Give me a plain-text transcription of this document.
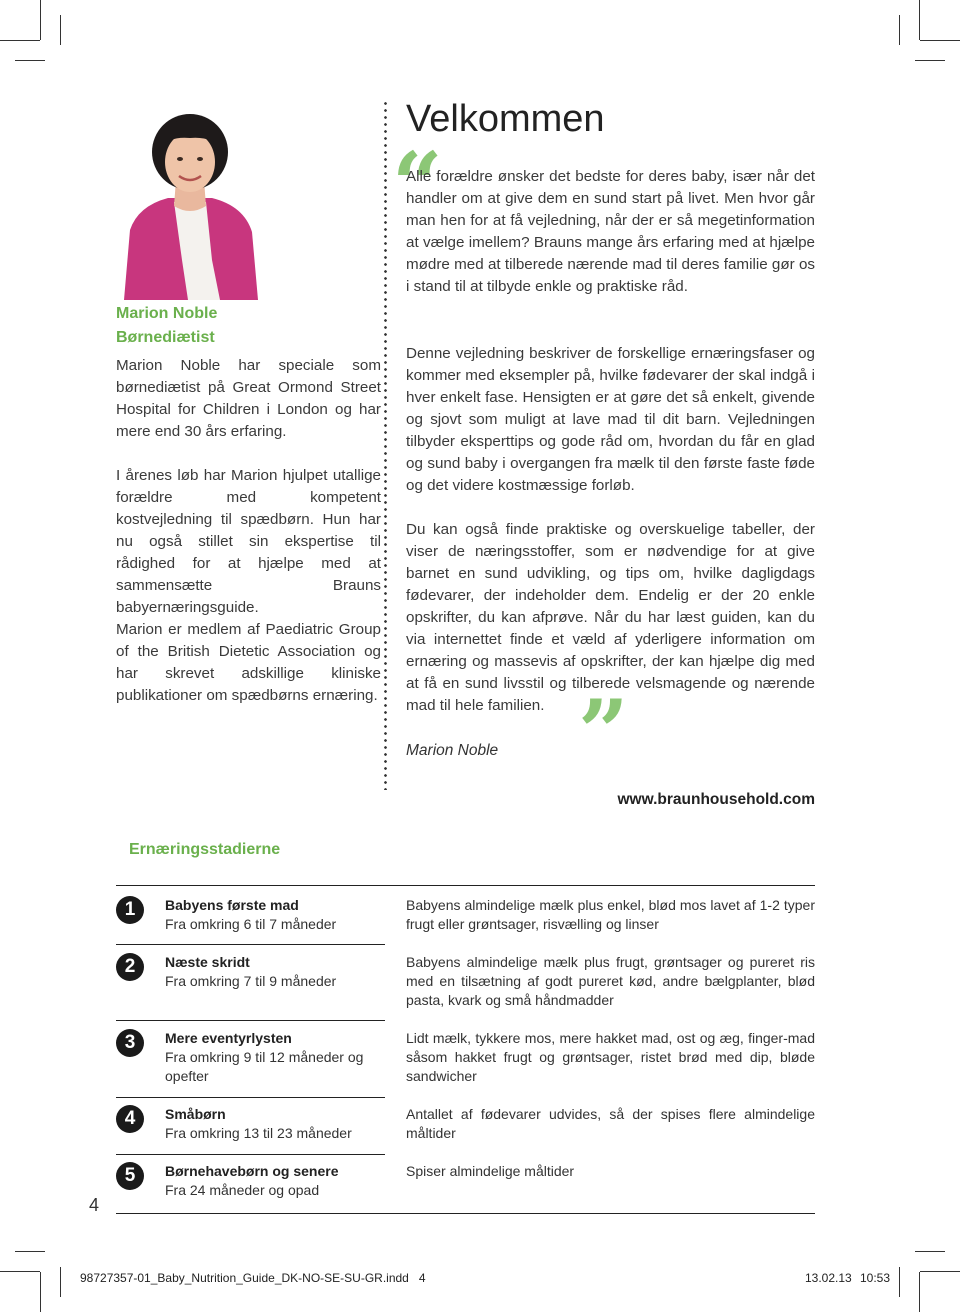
Marion Noble
Børnediætist

Marion Noble har speciale som børnediætist på Great Ormond Street Hospital for Children i London og har mere end 30 års erfaring.

I årenes løb har Marion hjulpet utallige forældre med kompetent kostvejledning til spædbørn. Hun har nu også stillet sin ekspertise til rådighed for at hjælpe med at sammensætte Brauns babyernæringsguide.

Marion er medlem af Paediatric Group of the British Dietetic Association og har skrevet adskillige kliniske publikationer om spædbørns ernæring.

Velkommen
“

Alle forældre ønsker det bedste for deres baby, især når det handler om at give dem en sund start på livet. Men hvor går man hen for at få vejledning, når der er så megetinformation at vælge imellem? Brauns mange års erfaring med at hjælpe mødre med at tilberede nærende mad til deres familie gør os i stand til at tilbyde enkle og praktiske råd.

Denne vejledning beskriver de forskellige ernæringsfaser og kommer med eksempler på, hvilke fødevarer der skal indgå i hver enkelt fase. Hensigten er at gøre det så enkelt, givende og sjovt som muligt at lave mad til dit barn. Vejledningen tilbyder eksperttips og gode råd om, hvordan du får en glad og sund baby i overgangen fra mælk til den første faste føde og det videre kostmæssige forløb.

Du kan også finde praktiske og overskuelige tabeller, der viser de næringsstoffer, som er nødvendige for at give barnet en sund udvikling, og tips om, hvilke dagligdags fødevarer, der indeholder dem. Endelig er der 20 enkle opskrifter, du kan afprøve. Når du har læst guiden, kan du via internettet finde et væld af yderligere information om ernæring og massevis af opskrifter, der kan hjælpe dig med at få en sund livsstil og tilberede velsmagende og nærende mad til hele familien. ”
Marion Noble
www.braunhousehold.com
Ernæringsstadierne
1	Babyens første mad
Fra omkring 6 til 7 måneder
Babyens almindelige mælk plus enkel, blød mos lavet af 1-2 typer frugt eller grøntsager, risvælling og linser
2	Næste skridt
Fra omkring 7 til 9 måneder
Babyens almindelige mælk plus frugt, grøntsager og pureret ris med en tilsætning af godt pureret kød, andre bælgplanter, blød pasta, kvark og små håndmadder
3	Mere eventyrlysten
Fra omkring 9 til 12 måneder og opefter
Lidt mælk, tykkere mos, mere hakket mad, ost og æg, finger-mad såsom hakket frugt og grøntsager, ristet brød med dip, bløde sandwicher
4	Småbørn
Fra omkring 13 til 23 måneder
Antallet af fødevarer udvides, så der spises flere almindelige måltider
5	Børnehavebørn og senere
Fra 24 måneder og opad
Spiser almindelige måltider
4
98727357-01_Baby_Nutrition_Guide_DK-NO-SE-SU-GR.indd   4	13.02.13 10:53
